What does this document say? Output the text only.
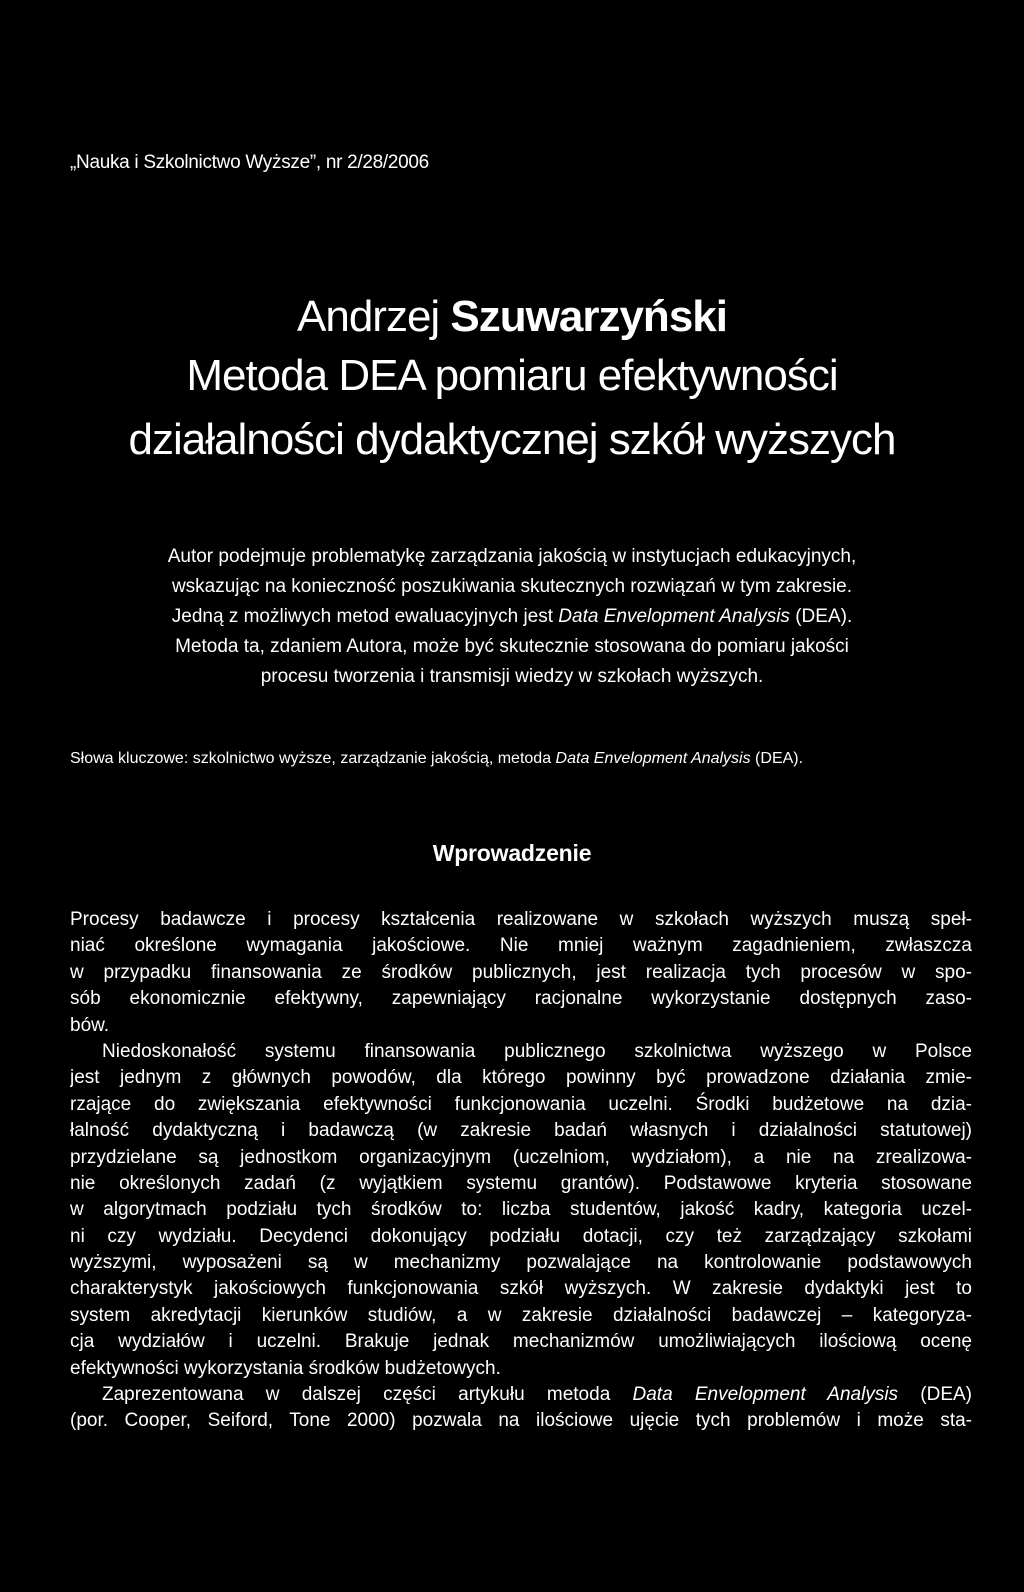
„Nauka i Szkolnictwo Wyższe”, nr 2/28/2006
Andrzej Szuwarzyński
Metoda DEA pomiaru efektywności
działalności dydaktycznej szkół wyższych
Autor podejmuje problematykę zarządzania jakością w instytucjach edukacyjnych,
wskazując na konieczność poszukiwania skutecznych rozwiązań w tym zakresie.
Jedną z możliwych metod ewaluacyjnych jest Data Envelopment Analysis (DEA).
Metoda ta, zdaniem Autora, może być skutecznie stosowana do pomiaru jakości
procesu tworzenia i transmisji wiedzy w szkołach wyższych.
Słowa kluczowe: szkolnictwo wyższe, zarządzanie jakością, metoda Data Envelopment Analysis (DEA).
Wprowadzenie
Procesy badawcze i procesy kształcenia realizowane w szkołach wyższych muszą speł-
niać określone wymagania jakościowe. Nie mniej ważnym zagadnieniem, zwłaszcza
w przypadku finansowania ze środków publicznych, jest realizacja tych procesów w spo-
sób ekonomicznie efektywny, zapewniający racjonalne wykorzystanie dostępnych zaso-
bów.
Niedoskonałość systemu finansowania publicznego szkolnictwa wyższego w Polsce
jest jednym z głównych powodów, dla którego powinny być prowadzone działania zmie-
rzające do zwiększania efektywności funkcjonowania uczelni. Środki budżetowe na dzia-
łalność dydaktyczną i badawczą (w zakresie badań własnych i działalności statutowej)
przydzielane są jednostkom organizacyjnym (uczelniom, wydziałom), a nie na zrealizowa-
nie określonych zadań (z wyjątkiem systemu grantów). Podstawowe kryteria stosowane
w algorytmach podziału tych środków to: liczba studentów, jakość kadry, kategoria uczel-
ni czy wydziału. Decydenci dokonujący podziału dotacji, czy też zarządzający szkołami
wyższymi, wyposażeni są w mechanizmy pozwalające na kontrolowanie podstawowych
charakterystyk jakościowych funkcjonowania szkół wyższych. W zakresie dydaktyki jest to
system akredytacji kierunków studiów, a w zakresie działalności badawczej – kategoryza-
cja wydziałów i uczelni. Brakuje jednak mechanizmów umożliwiających ilościową ocenę
efektywności wykorzystania środków budżetowych.
Zaprezentowana w dalszej części artykułu metoda Data Envelopment Analysis (DEA)
(por. Cooper, Seiford, Tone 2000) pozwala na ilościowe ujęcie tych problemów i może sta-
